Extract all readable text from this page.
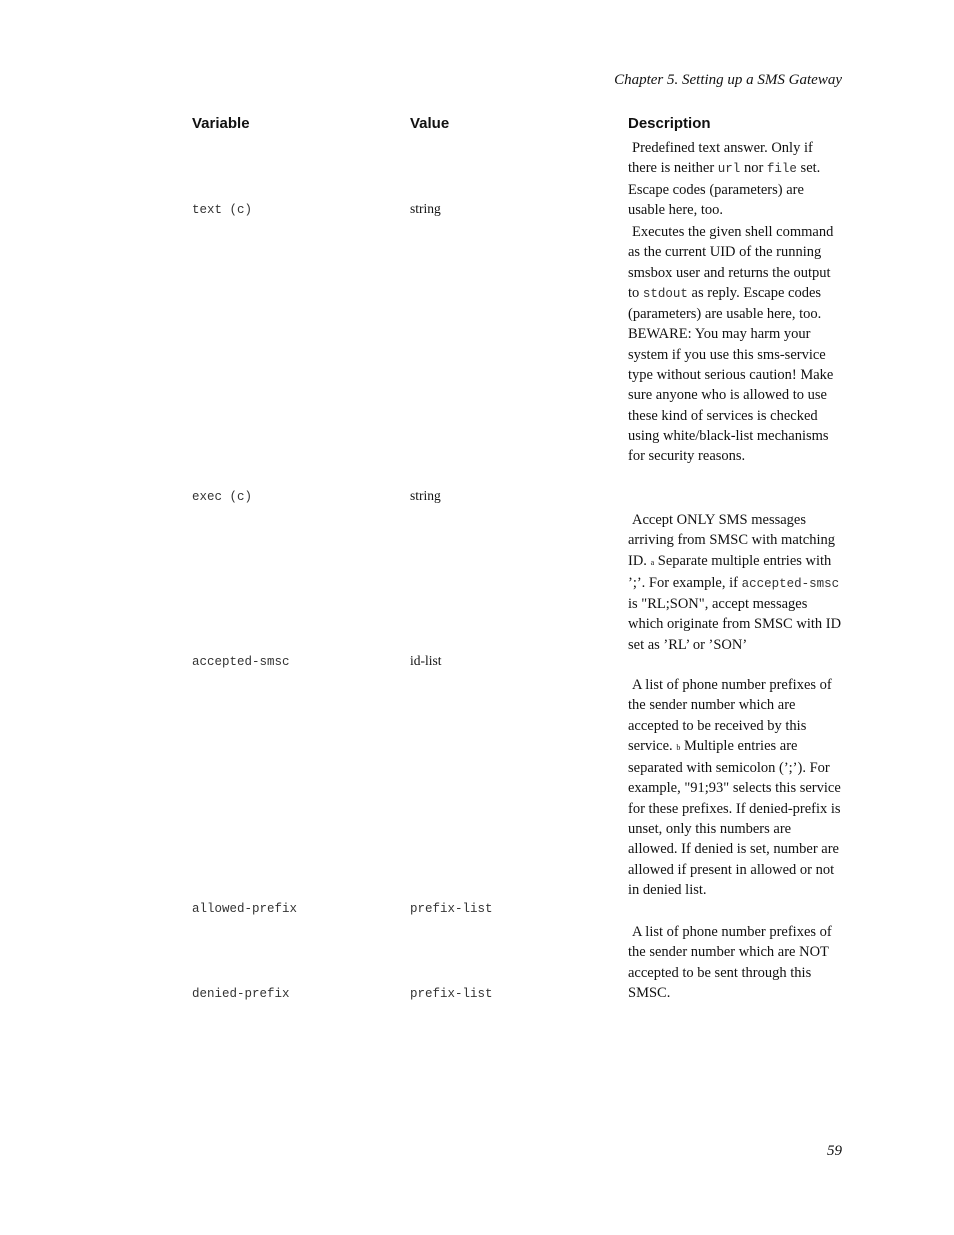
Chapter 5. Setting up a SMS Gateway
Variable	Value	Description
text (c)	string
Predefined text answer. Only if there is neither url nor file set. Escape codes (parameters) are usable here, too.
exec (c)	string
Executes the given shell command as the current UID of the running smsbox user and returns the output to stdout as reply. Escape codes (parameters) are usable here, too. BEWARE: You may harm your system if you use this sms-service type without serious caution! Make sure anyone who is allowed to use these kind of services is checked using white/black-list mechanisms for security reasons.
accepted-smsc	id-list
Accept ONLY SMS messages arriving from SMSC with matching ID. a Separate multiple entries with ’;’. For example, if accepted-smsc is "RL;SON", accept messages which originate from SMSC with ID set as ’RL’ or ’SON’
allowed-prefix	prefix-list
A list of phone number prefixes of the sender number which are accepted to be received by this service. b Multiple entries are separated with semicolon (’;’). For example, "91;93" selects this service for these prefixes. If denied-prefix is unset, only this numbers are allowed. If denied is set, number are allowed if present in allowed or not in denied list.
denied-prefix	prefix-list
A list of phone number prefixes of the sender number which are NOT accepted to be sent through this SMSC.
59
